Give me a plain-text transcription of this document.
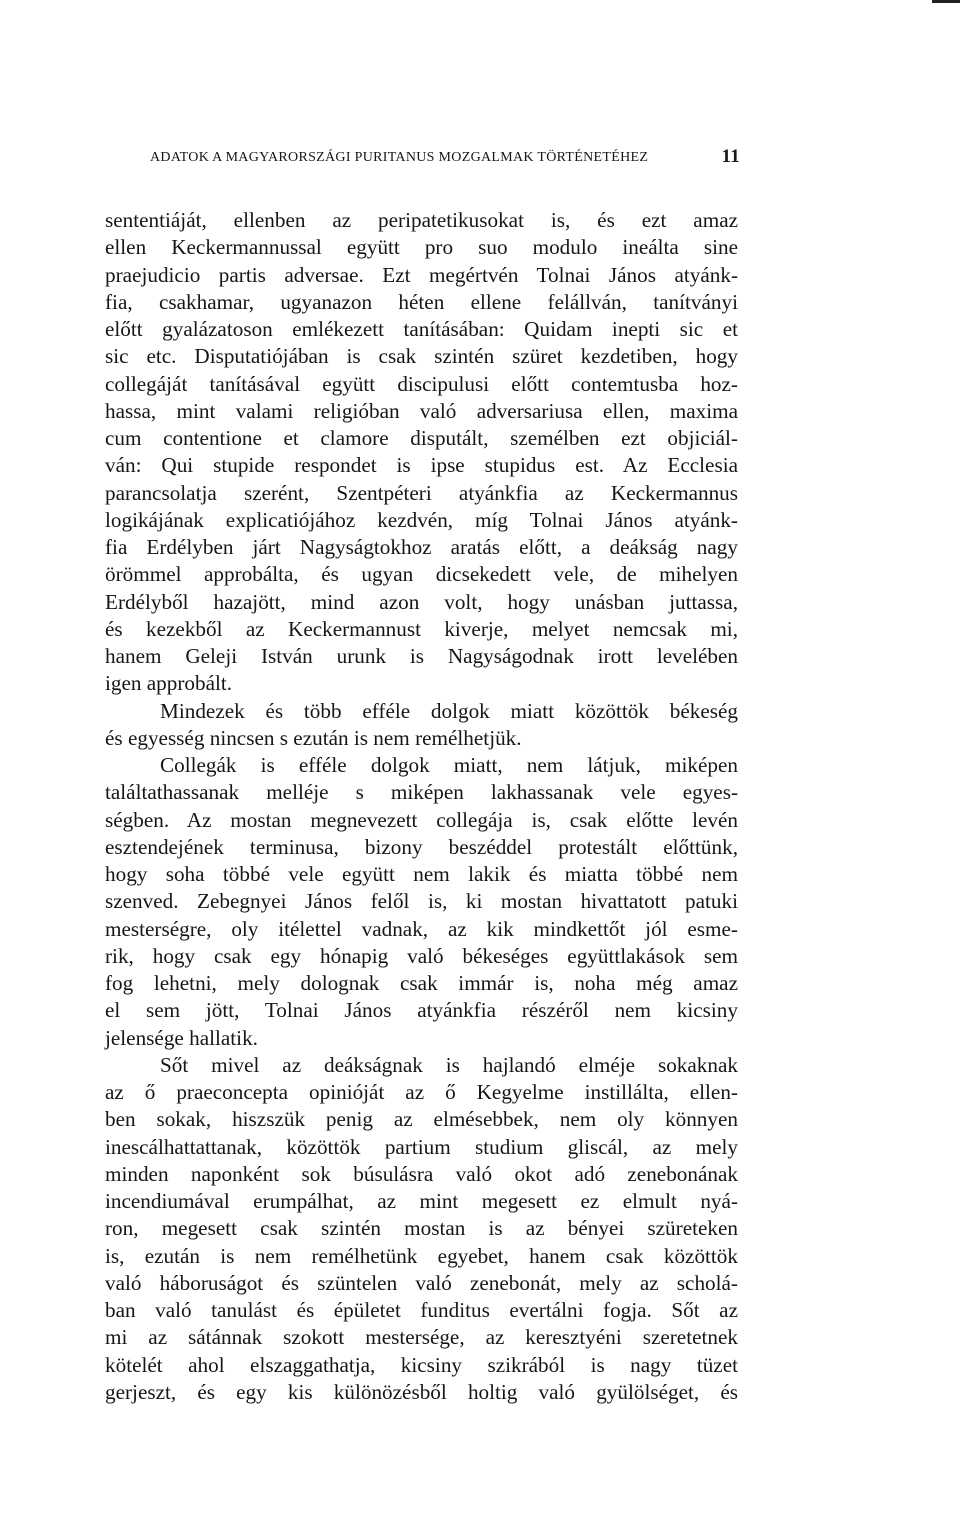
ADATOK A MAGYARORSZÁGI PURITANUS MOZGALMAK TÖRTÉNETÉHEZ	11
sententiáját, ellenben az peripatetikusokat is, és ezt amaz
ellen Keckermannussal együtt pro suo modulo ineálta sine
praejudicio partis adversae. Ezt megértvén Tolnai János atyánk-
fia, csakhamar, ugyanazon héten ellene felállván, tanítványi
előtt gyalázatoson emlékezett tanításában: Quidam inepti sic et
sic etc. Disputatiójában is csak szintén szüret kezdetiben, hogy
collegáját tanításával együtt discipulusi előtt contemtusba hoz-
hassa, mint valami religióban való adversariusa ellen, maxima
cum contentione et clamore disputált, személben ezt objiciál-
ván: Qui stupide respondet is ipse stupidus est. Az Ecclesia
parancsolatja szerént, Szentpéteri atyánkfia az Keckermannus
logikájának explicatiójához kezdvén, míg Tolnai János atyánk-
fia Erdélyben járt Nagyságtokhoz aratás előtt, a deákság nagy
örömmel approbálta, és ugyan dicsekedett vele, de mihelyen
Erdélyből hazajött, mind azon volt, hogy unásban juttassa,
és kezekből az Keckermannust kiverje, melyet nemcsak mi,
hanem Geleji István urunk is Nagyságodnak irott levelében
igen approbált.
Mindezek és több efféle dolgok miatt közöttök békeség
és egyesség nincsen s ezután is nem remélhetjük.
Collegák is efféle dolgok miatt, nem látjuk, miképen
találtathassanak melléje s miképen lakhassanak vele egyes-
ségben. Az mostan megnevezett collegája is, csak előtte levén
esztendejének terminusa, bizony beszéddel protestált előttünk,
hogy soha többé vele együtt nem lakik és miatta többé nem
szenved. Zebegnyei János felől is, ki mostan hivattatott patuki
mesterségre, oly itélettel vadnak, az kik mindkettőt jól esme-
rik, hogy csak egy hónapig való békeséges együttlakások sem
fog lehetni, mely dolognak csak immár is, noha még amaz
el sem jött, Tolnai János atyánkfia részéről nem kicsiny
jelensége hallatik.
Sőt mivel az deákságnak is hajlandó elméje sokaknak
az ő praeconcepta opinióját az ő Kegyelme instillálta, ellen-
ben sokak, hiszszük penig az elmésebbek, nem oly könnyen
inescálhattattanak, közöttök partium studium gliscál, az mely
minden naponként sok búsulásra való okot adó zenebonának
incendiumával erumpálhat, az mint megesett ez elmult nyá-
ron, megesett csak szintén mostan is az bényei szüreteken
is, ezután is nem remélhetünk egyebet, hanem csak közöttök
való háboruságot és szüntelen való zenebonát, mely az scholá-
ban való tanulást és épületet funditus evertálni fogja. Sőt az
mi az sátánnak szokott mestersége, az keresztyéni szeretetnek
kötelét ahol elszaggathatja, kicsiny szikrából is nagy tüzet
gerjeszt, és egy kis különözésből holtig való gyülölséget, és
